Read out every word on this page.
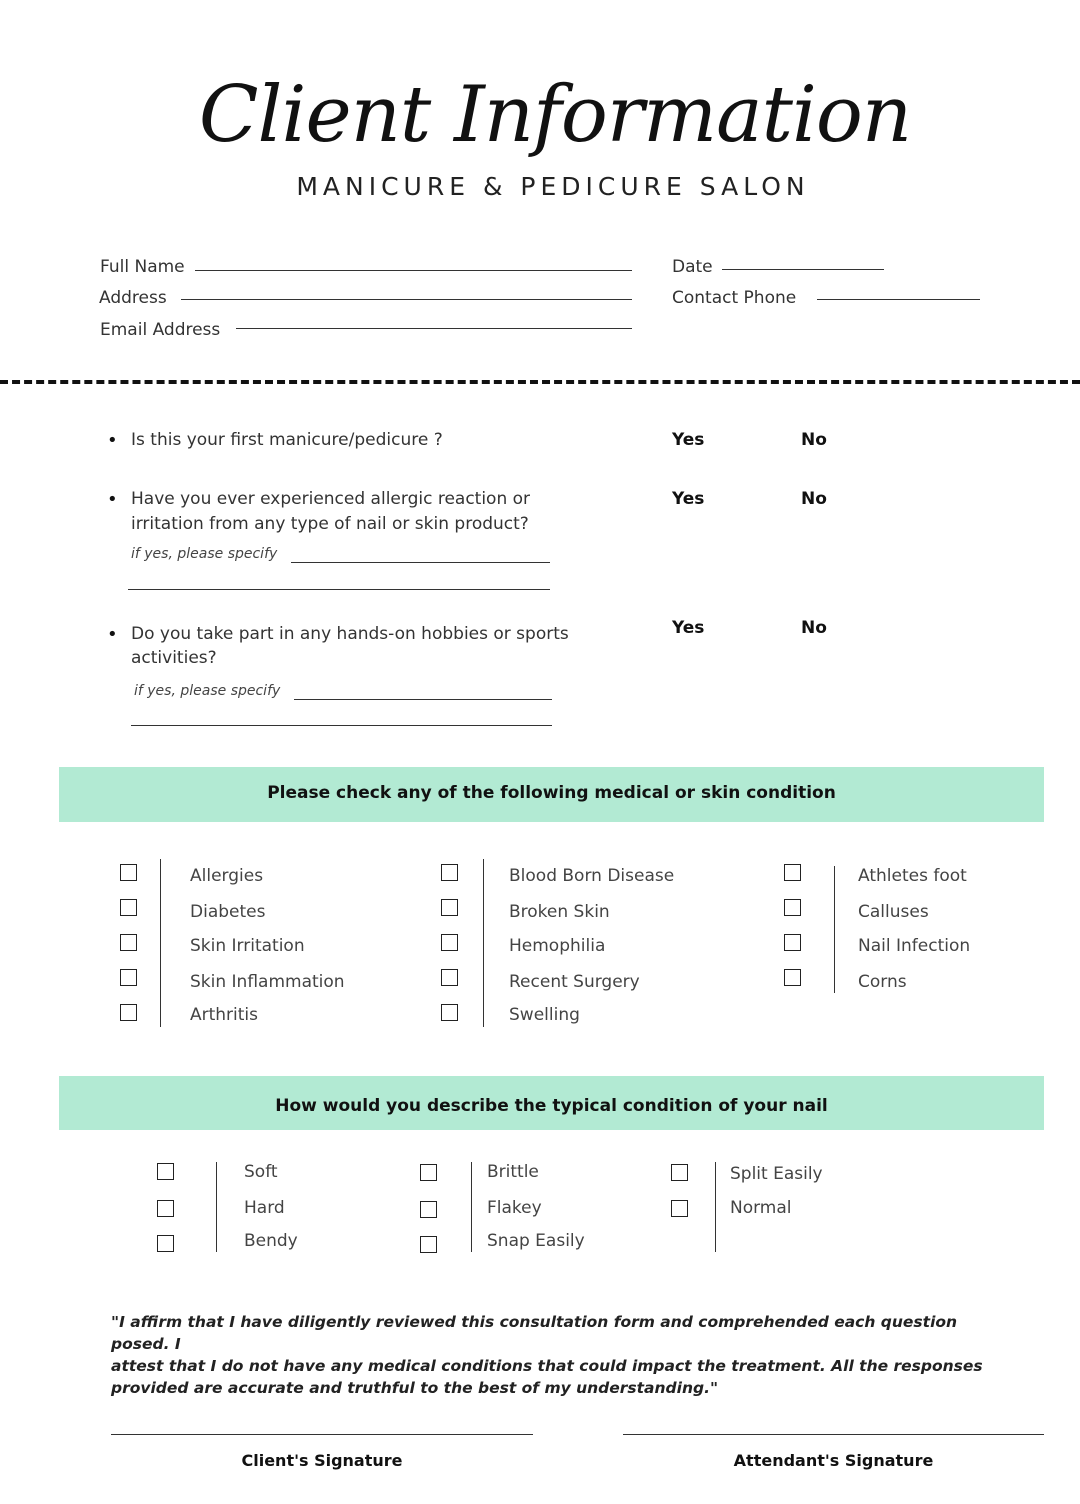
Client Information
MANICURE & PEDICURE SALON
Full Name
Address
Email Address
Date
Contact Phone
• Is this your first manicure/pedicure ?	Yes	No
• Have you ever experienced allergic reaction or
irritation from any type of nail or skin product?
Yes	No
if yes, please specify
• Do you take part in any hands-on hobbies or sports
activities?
Yes	No
if yes, please specify
Please check any of the following medical or skin condition
Allergies
Diabetes
Skin Irritation
Skin Inflammation
Arthritis
Blood Born Disease
Broken Skin
Hemophilia
Recent Surgery
Swelling
Athletes foot
Calluses
Nail Infection
Corns
How would you describe the typical condition of your nail
Soft
Hard
Bendy
Brittle
Flakey
Snap Easily
Split Easily
Normal
"I affirm that I have diligently reviewed this consultation form and comprehended each question posed. I
attest that I do not have any medical conditions that could impact the treatment. All the responses
provided are accurate and truthful to the best of my understanding."
Client's Signature	Attendant's Signature
